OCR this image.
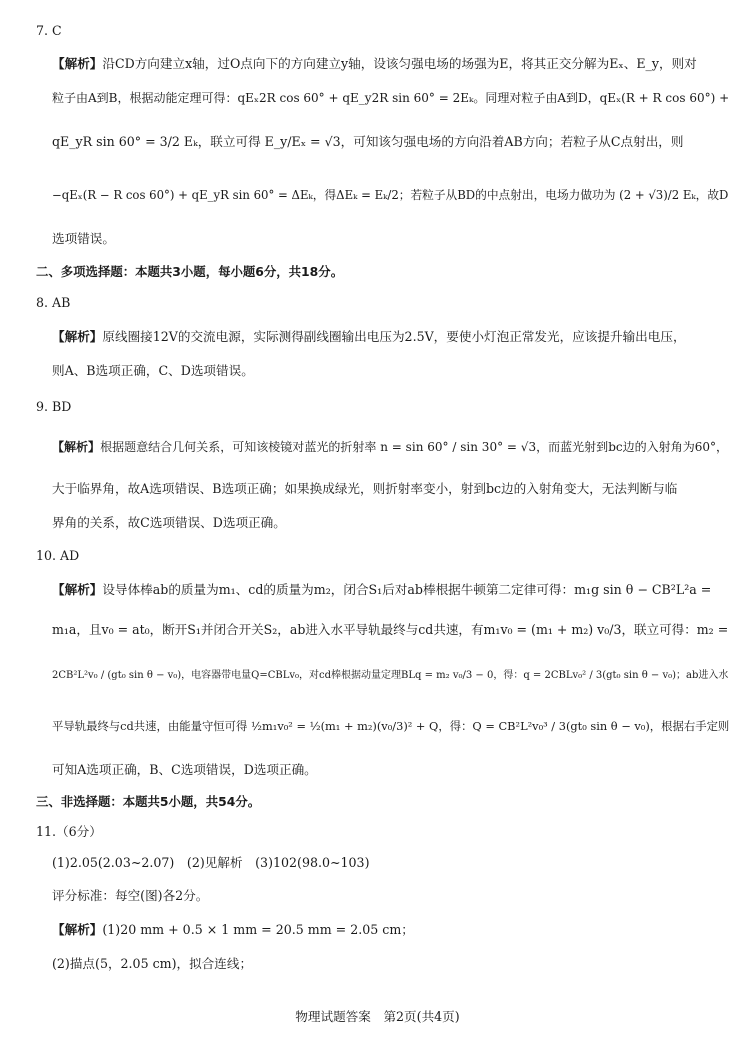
7. C
【解析】沿CD方向建立x轴，过O点向下的方向建立y轴，设该匀强电场的场强为E，将其正交分解为Eₓ、E_y，则对
粒子由A到B，根据动能定理可得：qEₓ2R cos 60° + qE_y2R sin 60° = 2Eₖ。同理对粒子由A到D，qEₓ(R + R cos 60°) +
qE_yR sin 60° = 3/2 Eₖ，联立可得 E_y/Eₓ = √3，可知该匀强电场的方向沿着AB方向；若粒子从C点射出，则
−qEₓ(R − R cos 60°) + qE_yR sin 60° = ΔEₖ，得ΔEₖ = Eₖ/2；若粒子从BD的中点射出，电场力做功为 (2 + √3)/2 Eₖ，故D
选项错误。
二、多项选择题：本题共3小题，每小题6分，共18分。
8. AB
【解析】原线圈接12V的交流电源，实际测得副线圈输出电压为2.5V，要使小灯泡正常发光，应该提升输出电压，
则A、B选项正确，C、D选项错误。
9. BD
【解析】根据题意结合几何关系，可知该棱镜对蓝光的折射率 n = sin 60° / sin 30° = √3，而蓝光射到bc边的入射角为60°，
大于临界角，故A选项错误、B选项正确；如果换成绿光，则折射率变小，射到bc边的入射角变大，无法判断与临
界角的关系，故C选项错误、D选项正确。
10. AD
【解析】设导体棒ab的质量为m₁、cd的质量为m₂，闭合S₁后对ab棒根据牛顿第二定律可得：m₁g sin θ − CB²L²a =
m₁a，且v₀ = at₀，断开S₁并闭合开关S₂，ab进入水平导轨最终与cd共速，有m₁v₀ = (m₁ + m₂) v₀/3，联立可得：m₂ =
2CB²L²v₀ / (gt₀ sin θ − v₀)，电容器带电量Q=CBLv₀，对cd棒根据动量定理BLq = m₂ v₀/3 − 0，得：q = 2CBLv₀² / 3(gt₀ sin θ − v₀)；ab进入水
平导轨最终与cd共速，由能量守恒可得 ½m₁v₀² = ½(m₁ + m₂)(v₀/3)² + Q，得：Q = CB²L²v₀³ / 3(gt₀ sin θ − v₀)，根据右手定则
可知A选项正确，B、C选项错误，D选项正确。
三、非选择题：本题共5小题，共54分。
11.（6分）
(1)2.05(2.03~2.07)　(2)见解析　(3)102(98.0~103)
评分标准：每空(图)各2分。
【解析】(1)20 mm + 0.5 × 1 mm = 20.5 mm = 2.05 cm；
(2)描点(5，2.05 cm)，拟合连线；
物理试题答案　第2页(共4页)
